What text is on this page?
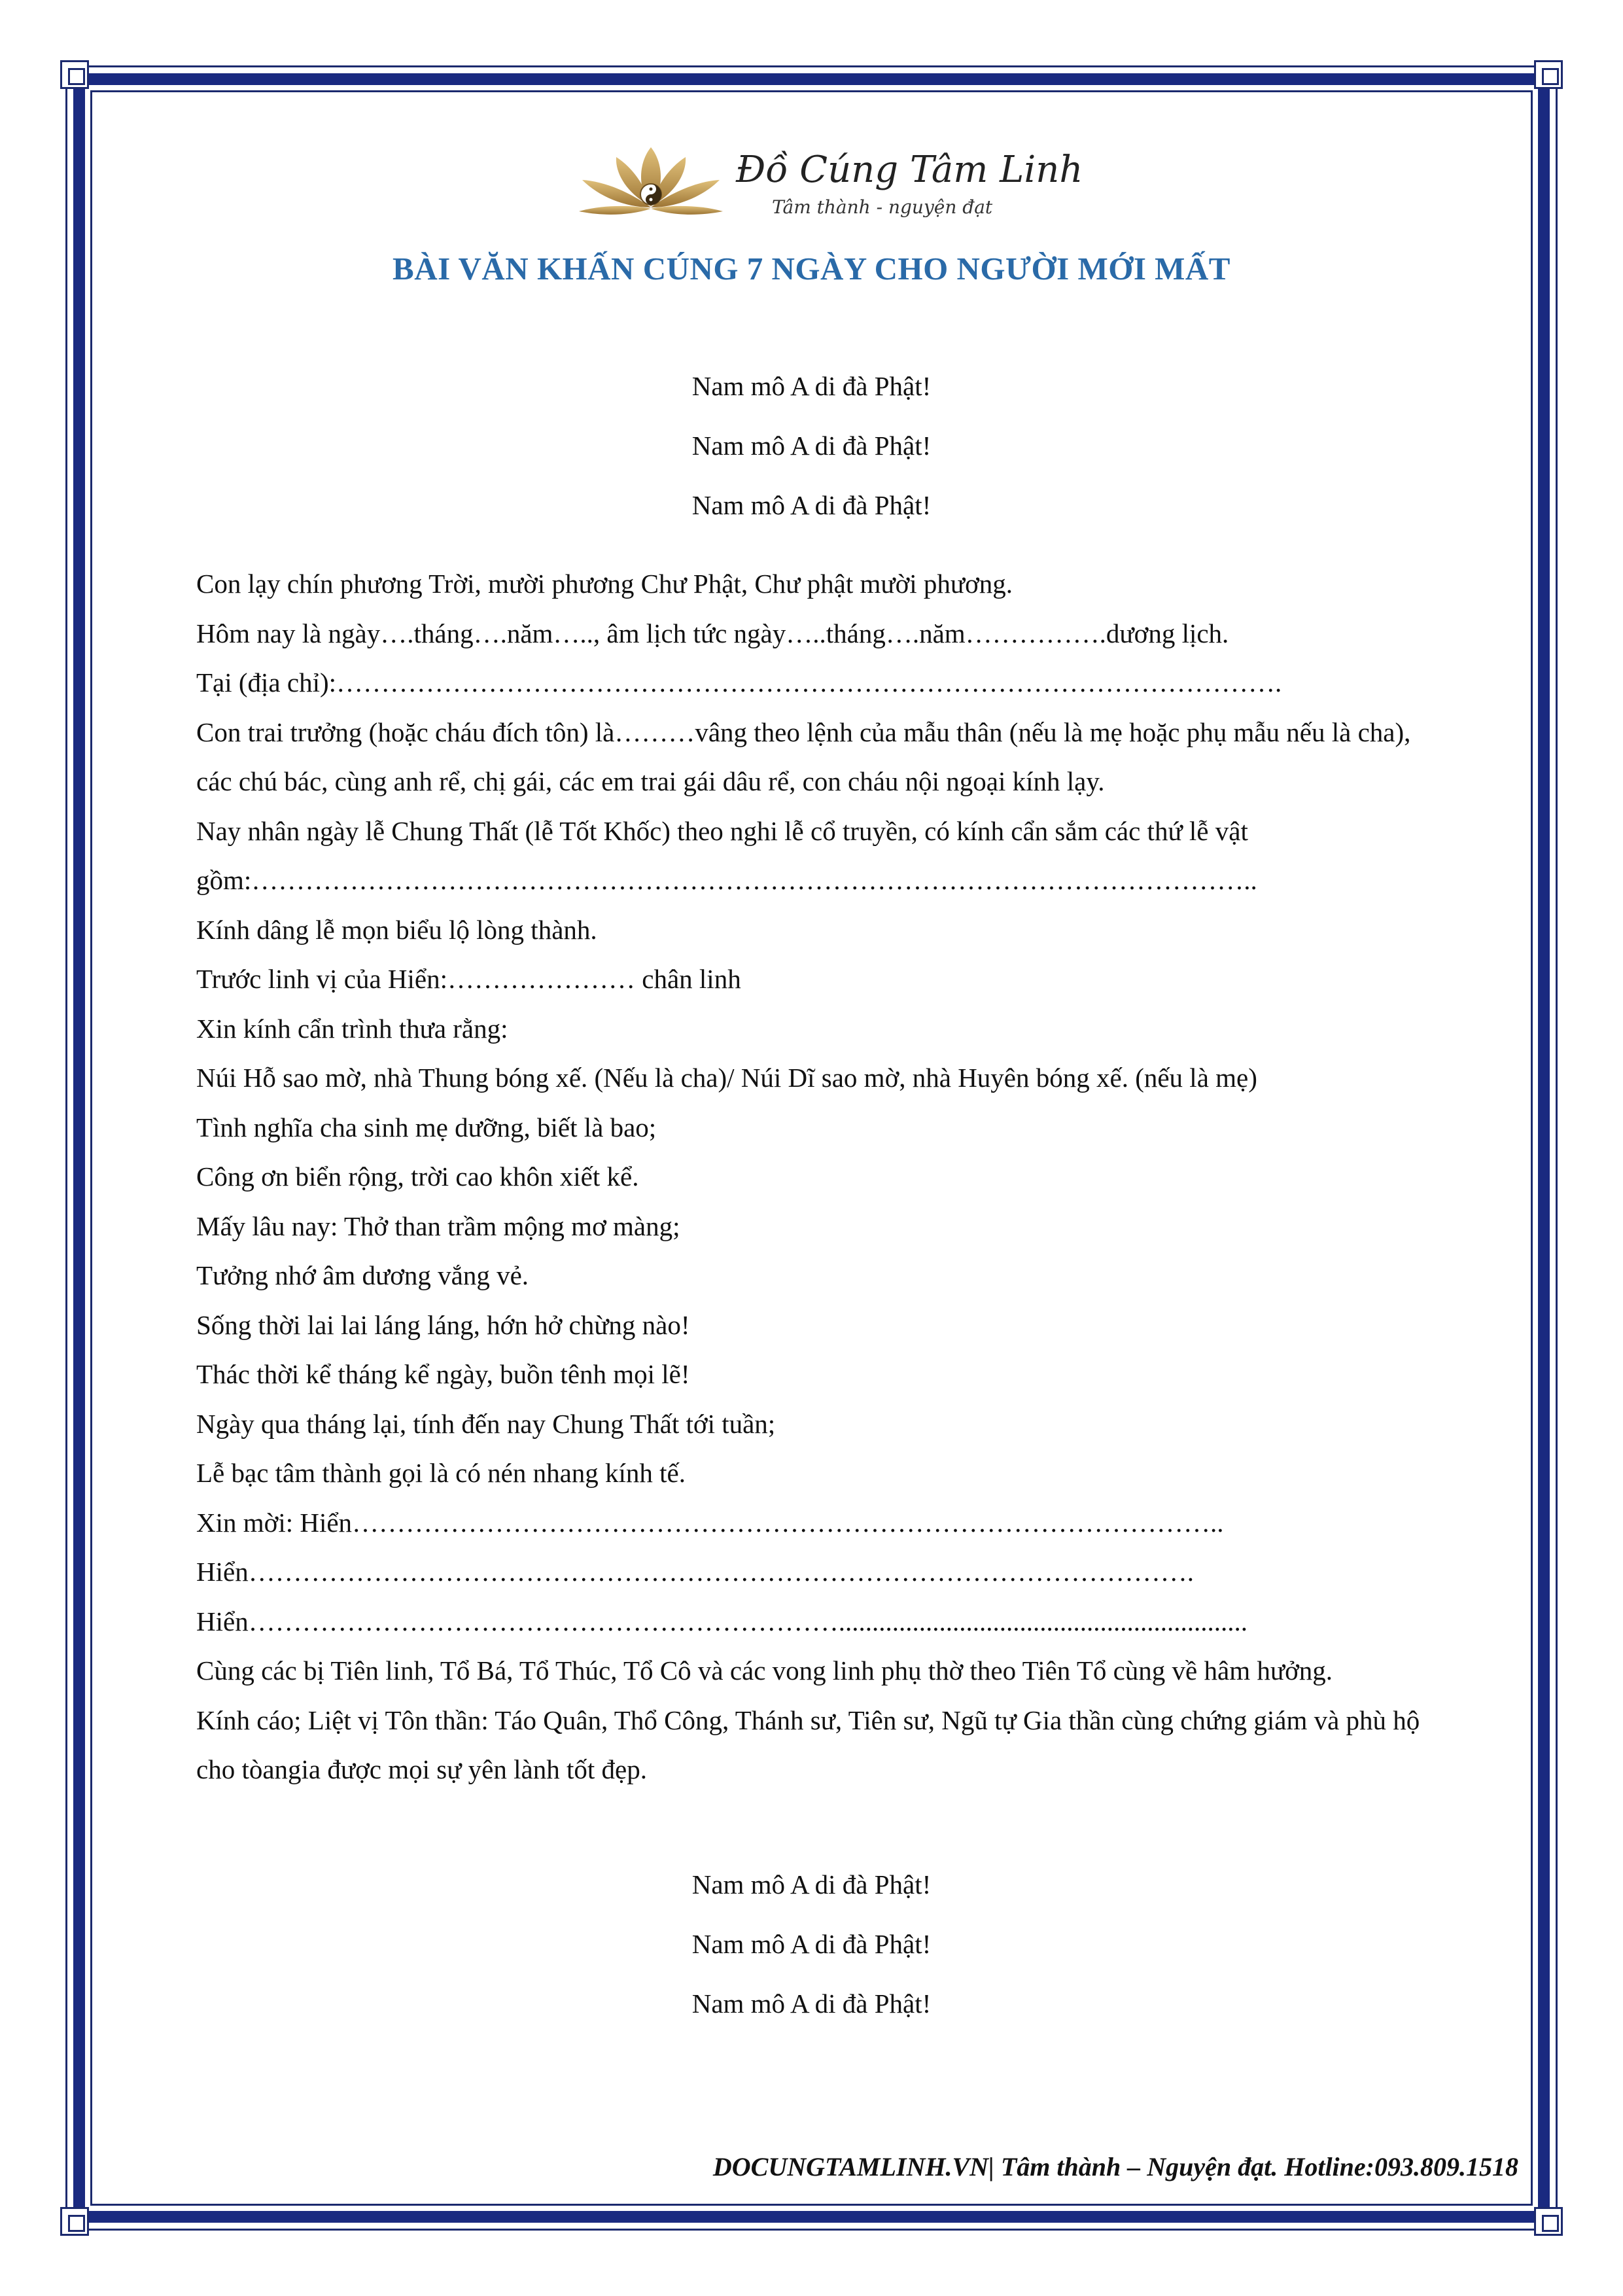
Đồ Cúng Tâm Linh
Tâm thành - nguyện đạt
BÀI VĂN KHẤN CÚNG 7 NGÀY CHO NGƯỜI MỚI MẤT
Nam mô A di đà Phật!
Nam mô A di đà Phật!
Nam mô A di đà Phật!

Con lạy chín phương Trời, mười phương Chư Phật, Chư phật mười phương.

Hôm nay là ngày….tháng….năm….., âm lịch tức ngày…..tháng….năm…………….dương lịch.

Tại (địa chỉ):…………………………………………………………………………………………….

Con trai trưởng (hoặc cháu đích tôn) là………vâng theo lệnh của mẫu thân (nếu là mẹ hoặc phụ mẫu nếu là cha), các chú bác, cùng anh rể, chị gái, các em trai gái dâu rể, con cháu nội ngoại kính lạy.

Nay nhân ngày lễ Chung Thất (lễ Tốt Khốc) theo nghi lễ cổ truyền, có kính cẩn sắm các thứ lễ vật gồm:…………………………………………………………………………………………………..

Kính dâng lễ mọn biểu lộ lòng thành.

Trước linh vị của Hiển:………………… chân linh

Xin kính cẩn trình thưa rằng:

Núi Hỗ sao mờ, nhà Thung bóng xế. (Nếu là cha)/ Núi Dĩ sao mờ, nhà Huyên bóng xế. (nếu là mẹ)

Tình nghĩa cha sinh mẹ dưỡng, biết là bao;

Công ơn biển rộng, trời cao khôn xiết kể.

Mấy lâu nay: Thở than trầm mộng mơ màng;

Tưởng nhớ âm dương vắng vẻ.

Sống thời lai lai láng láng, hớn hở chừng nào!

Thác thời kể tháng kể ngày, buồn tênh mọi lẽ!

Ngày qua tháng lại, tính đến nay Chung Thất tới tuần;

Lễ bạc tâm thành gọi là có nén nhang kính tế.

Xin mời: Hiển……………………………………………………………………………………..

Hiển…………………………………………………………………………………………….

Hiển………………………………………………………….............................................................

Cùng các bị Tiên linh, Tổ Bá, Tổ Thúc, Tổ Cô và các vong linh phụ thờ theo Tiên Tổ cùng về hâm hưởng.

Kính cáo; Liệt vị Tôn thần: Táo Quân, Thổ Công, Thánh sư, Tiên sư, Ngũ tự Gia thần cùng chứng giám và phù hộ cho tòangia được mọi sự yên lành tốt đẹp.

Nam mô A di đà Phật!
Nam mô A di đà Phật!
Nam mô A di đà Phật!
DOCUNGTAMLINH.VN| Tâm thành – Nguyện đạt. Hotline:093.809.1518
